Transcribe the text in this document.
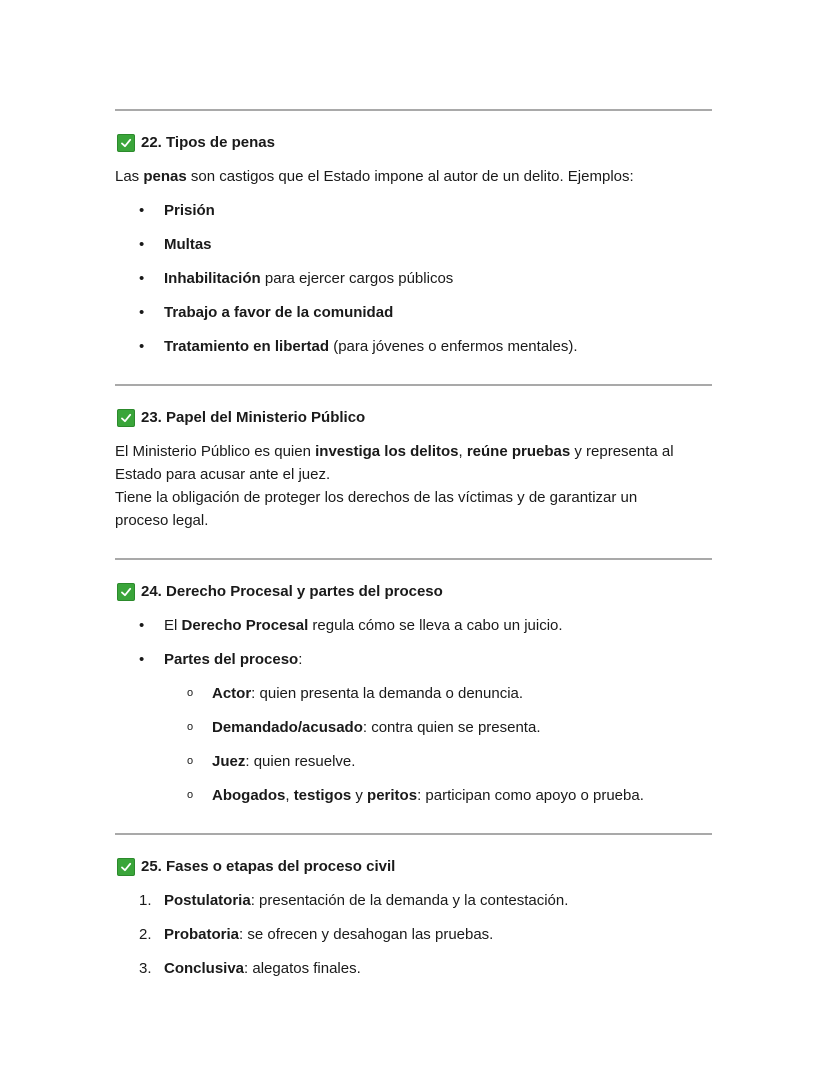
22. Tipos de penas
Las penas son castigos que el Estado impone al autor de un delito. Ejemplos:
• Prisión
• Multas
• Inhabilitación para ejercer cargos públicos
• Trabajo a favor de la comunidad
• Tratamiento en libertad (para jóvenes o enfermos mentales).
23. Papel del Ministerio Público
El Ministerio Público es quien investiga los delitos, reúne pruebas y representa al
Estado para acusar ante el juez.
Tiene la obligación de proteger los derechos de las víctimas y de garantizar un
proceso legal.
24. Derecho Procesal y partes del proceso
• El Derecho Procesal regula cómo se lleva a cabo un juicio.
• Partes del proceso:
o Actor: quien presenta la demanda o denuncia.
o Demandado/acusado: contra quien se presenta.
o Juez: quien resuelve.
o Abogados, testigos y peritos: participan como apoyo o prueba.
25. Fases o etapas del proceso civil
1. Postulatoria: presentación de la demanda y la contestación.
2. Probatoria: se ofrecen y desahogan las pruebas.
3. Conclusiva: alegatos finales.
